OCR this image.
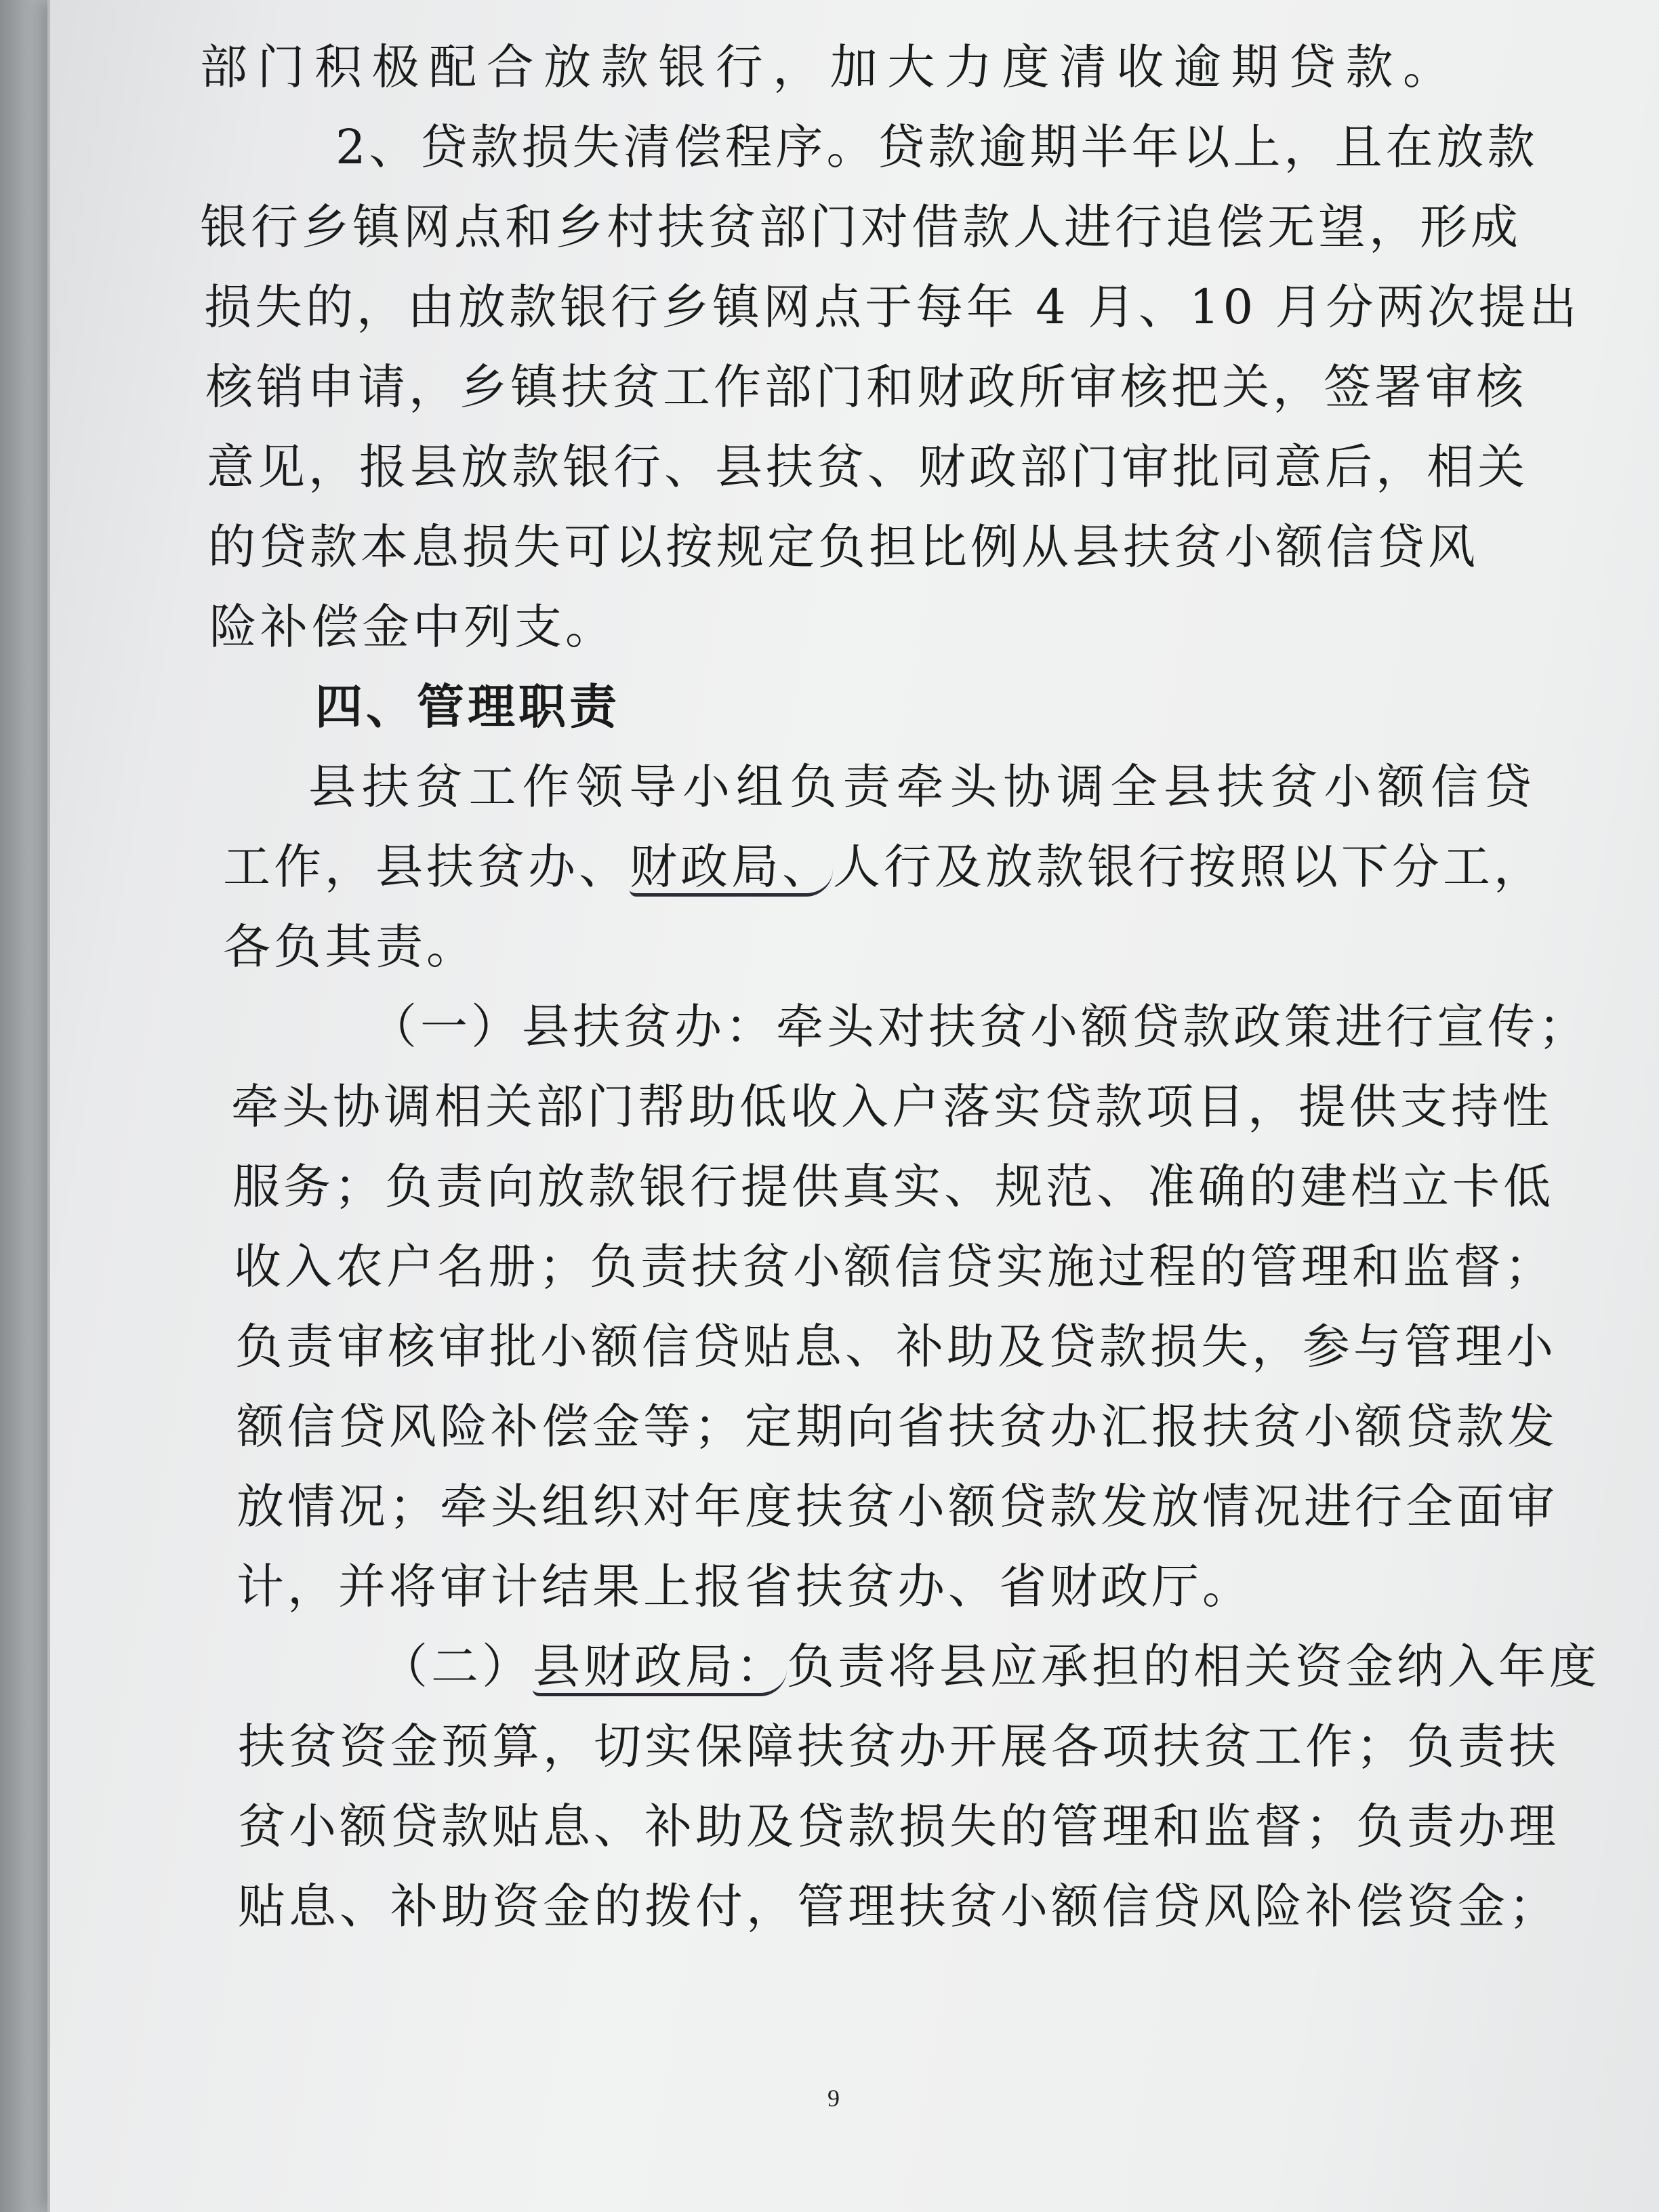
部门积极配合放款银行，加大力度清收逾期贷款。
2、贷款损失清偿程序。贷款逾期半年以上，且在放款
银行乡镇网点和乡村扶贫部门对借款人进行追偿无望，形成
损失的，由放款银行乡镇网点于每年 4 月、10 月分两次提出
核销申请，乡镇扶贫工作部门和财政所审核把关，签署审核
意见，报县放款银行、县扶贫、财政部门审批同意后，相关
的贷款本息损失可以按规定负担比例从县扶贫小额信贷风
险补偿金中列支。
四、管理职责
县扶贫工作领导小组负责牵头协调全县扶贫小额信贷
工作，县扶贫办、财政局、人行及放款银行按照以下分工，
各负其责。
（一）县扶贫办：牵头对扶贫小额贷款政策进行宣传；
牵头协调相关部门帮助低收入户落实贷款项目，提供支持性
服务；负责向放款银行提供真实、规范、准确的建档立卡低
收入农户名册；负责扶贫小额信贷实施过程的管理和监督；
负责审核审批小额信贷贴息、补助及贷款损失，参与管理小
额信贷风险补偿金等；定期向省扶贫办汇报扶贫小额贷款发
放情况；牵头组织对年度扶贫小额贷款发放情况进行全面审
计，并将审计结果上报省扶贫办、省财政厅。
（二）县财政局：负责将县应承担的相关资金纳入年度
扶贫资金预算，切实保障扶贫办开展各项扶贫工作；负责扶
贫小额贷款贴息、补助及贷款损失的管理和监督；负责办理
贴息、补助资金的拨付，管理扶贫小额信贷风险补偿资金；
9
